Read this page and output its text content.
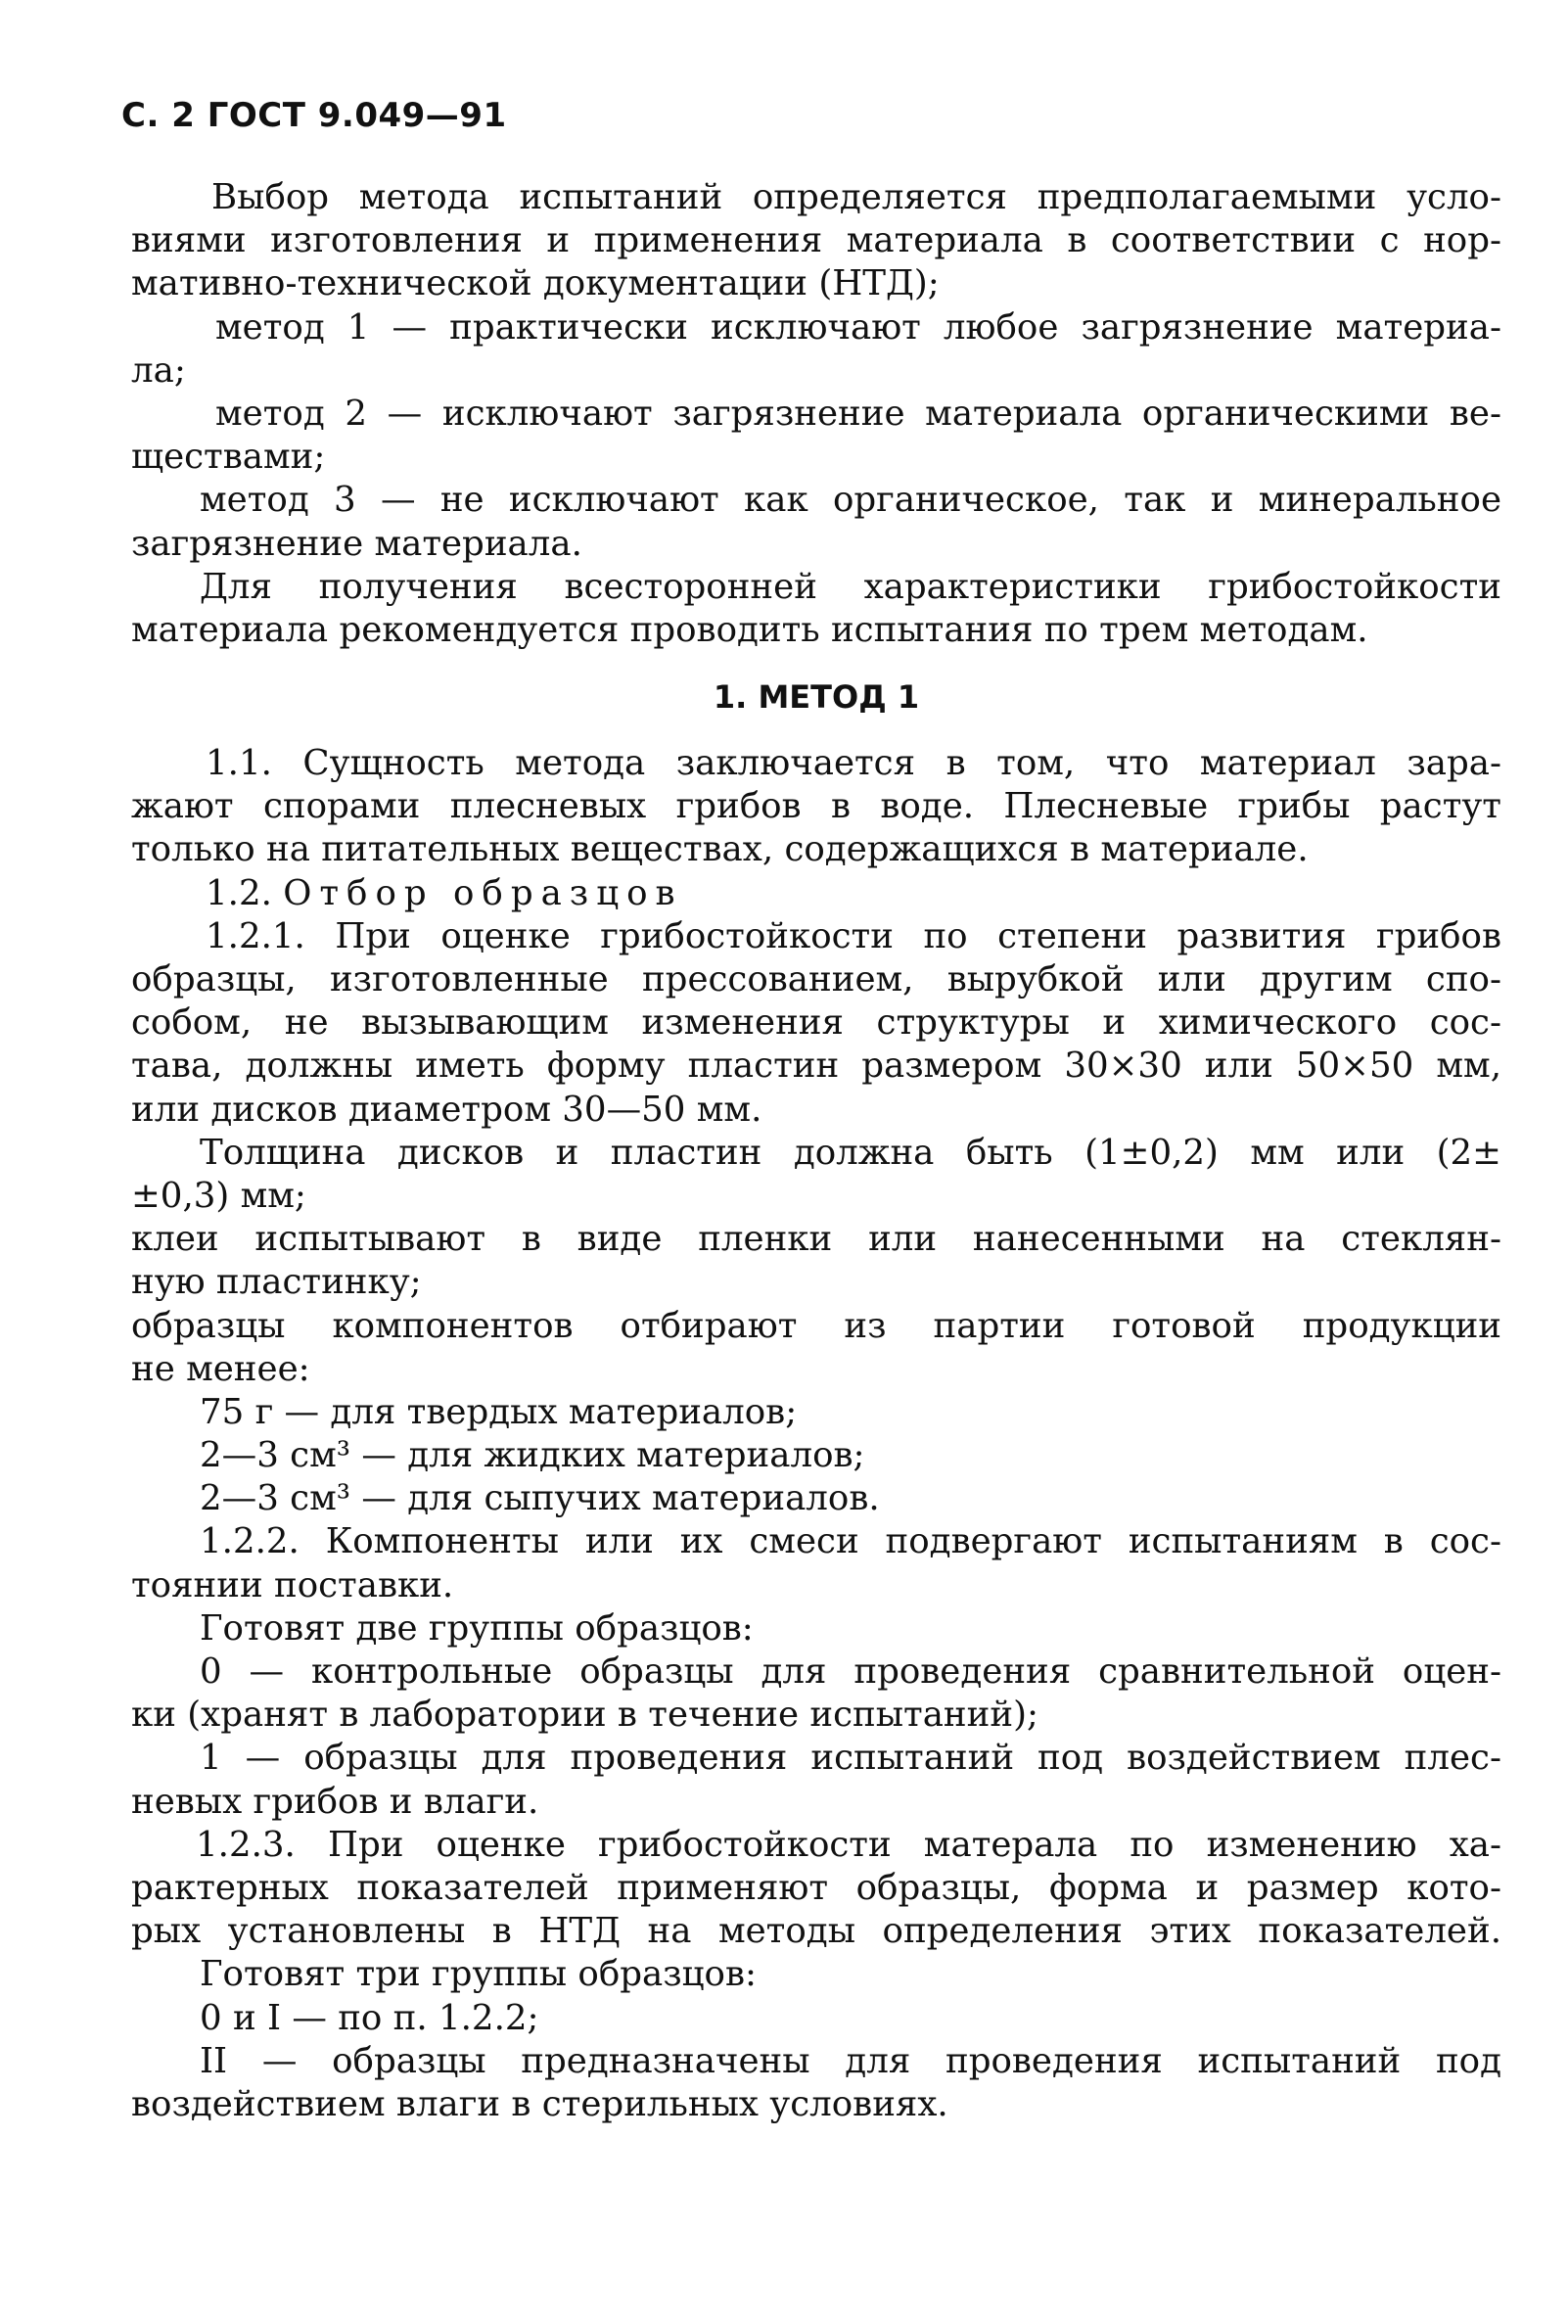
С. 2 ГОСТ 9.049—91
Выбор метода испытаний определяется предполагаемыми усло-
виями изготовления и применения материала в соответствии с нор-
мативно-технической документации (НТД);
метод 1 — практически исключают любое загрязнение материа-
ла;
метод 2 — исключают загрязнение материала органическими ве-
ществами;
метод 3 — не исключают как органическое, так и минеральное
загрязнение материала.
Для получения всесторонней характеристики грибостойкости
материала рекомендуется проводить испытания по трем методам.
1. МЕТОД 1
1.1. Сущность метода заключается в том, что материал зара-
жают спорами плесневых грибов в воде. Плесневые грибы растут
только на питательных веществах, содержащихся в материале.
1.2. Отбор образцов
1.2.1. При оценке грибостойкости по степени развития грибов
образцы, изготовленные прессованием, вырубкой или другим спо-
собом, не вызывающим изменения структуры и химического сос-
тава, должны иметь форму пластин размером 30×30 или 50×50 мм,
или дисков диаметром 30—50 мм.
Толщина дисков и пластин должна быть (1±0,2) мм или (2±
±0,3) мм;
клеи испытывают в виде пленки или нанесенными на стеклян-
ную пластинку;
образцы компонентов отбирают из партии готовой продукции
не менее:
75 г — для твердых материалов;
2—3 см³ — для жидких материалов;
2—3 см³ — для сыпучих материалов.
1.2.2. Компоненты или их смеси подвергают испытаниям в сос-
тоянии поставки.
Готовят две группы образцов:
0 — контрольные образцы для проведения сравнительной оцен-
ки (хранят в лаборатории в течение испытаний);
1 — образцы для проведения испытаний под воздействием плес-
невых грибов и влаги.
1.2.3. При оценке грибостойкости матерала по изменению ха-
рактерных показателей применяют образцы, форма и размер кото-
рых установлены в НТД на методы определения этих показателей.
Готовят три группы образцов:
0 и I — по п. 1.2.2;
II — образцы предназначены для проведения испытаний под
воздействием влаги в стерильных условиях.
